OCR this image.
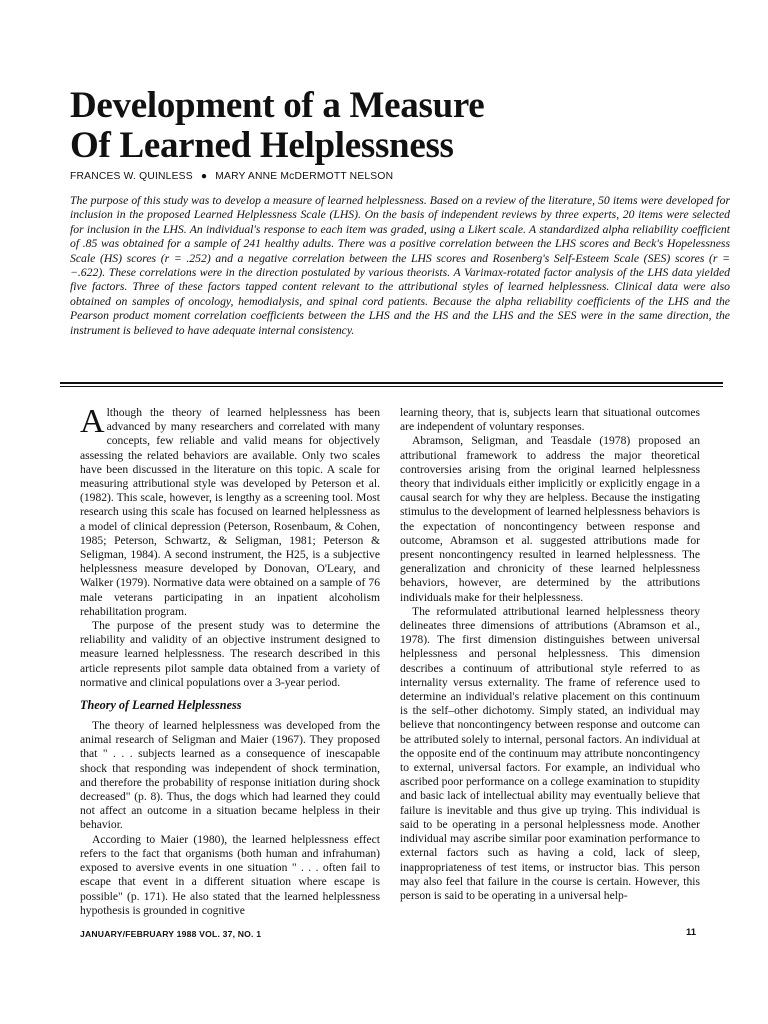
Development of a Measure
Of Learned Helplessness
FRANCES W. QUINLESS ● MARY ANNE McDERMOTT NELSON

The purpose of this study was to develop a measure of learned helplessness. Based on a review of the literature, 50 items were developed for inclusion in the proposed Learned Helplessness Scale (LHS). On the basis of independent reviews by three experts, 20 items were selected for inclusion in the LHS. An individual's response to each item was graded, using a Likert scale. A standardized alpha reliability coefficient of .85 was obtained for a sample of 241 healthy adults. There was a positive correlation between the LHS scores and Beck's Hopelessness Scale (HS) scores (r = .252) and a negative correlation between the LHS scores and Rosenberg's Self-Esteem Scale (SES) scores (r = −.622). These correlations were in the direction postulated by various theorists. A Varimax-rotated factor analysis of the LHS data yielded five factors. Three of these factors tapped content relevant to the attributional styles of learned helplessness. Clinical data were also obtained on samples of oncology, hemodialysis, and spinal cord patients. Because the alpha reliability coefficients of the LHS and the Pearson product moment correlation coefficients between the LHS and the HS and the LHS and the SES were in the same direction, the instrument is believed to have adequate internal consistency.

Although the theory of learned helplessness has been advanced by many researchers and correlated with many concepts, few reliable and valid means for objectively assessing the related behaviors are available. Only two scales have been discussed in the literature on this topic. A scale for measuring attributional style was developed by Peterson et al. (1982). This scale, however, is lengthy as a screening tool. Most research using this scale has focused on learned helplessness as a model of clinical depression (Peterson, Rosenbaum, & Cohen, 1985; Peterson, Schwartz, & Seligman, 1981; Peterson & Seligman, 1984). A second instrument, the H25, is a subjective helplessness measure developed by Donovan, O'Leary, and Walker (1979). Normative data were obtained on a sample of 76 male veterans participating in an inpatient alcoholism rehabilitation program.

The purpose of the present study was to determine the reliability and validity of an objective instrument designed to measure learned helplessness. The research described in this article represents pilot sample data obtained from a variety of normative and clinical populations over a 3-year period.

Theory of Learned Helplessness

The theory of learned helplessness was developed from the animal research of Seligman and Maier (1967). They proposed that " . . . subjects learned as a consequence of inescapable shock that responding was independent of shock termination, and therefore the probability of response initiation during shock decreased" (p. 8). Thus, the dogs which had learned they could not affect an outcome in a situation became helpless in their behavior.

According to Maier (1980), the learned helplessness effect refers to the fact that organisms (both human and infrahuman) exposed to aversive events in one situation " . . . often fail to escape that event in a different situation where escape is possible" (p. 171). He also stated that the learned helplessness hypothesis is grounded in cognitive

learning theory, that is, subjects learn that situational outcomes are independent of voluntary responses.

Abramson, Seligman, and Teasdale (1978) proposed an attributional framework to address the major theoretical controversies arising from the original learned helplessness theory that individuals either implicitly or explicitly engage in a causal search for why they are helpless. Because the instigating stimulus to the development of learned helplessness behaviors is the expectation of noncontingency between response and outcome, Abramson et al. suggested attributions made for present noncontingency resulted in learned helplessness. The generalization and chronicity of these learned helplessness behaviors, however, are determined by the attributions individuals make for their helplessness.

The reformulated attributional learned helplessness theory delineates three dimensions of attributions (Abramson et al., 1978). The first dimension distinguishes between universal helplessness and personal helplessness. This dimension describes a continuum of attributional style referred to as internality versus externality. The frame of reference used to determine an individual's relative placement on this continuum is the self–other dichotomy. Simply stated, an individual may believe that noncontingency between response and outcome can be attributed solely to internal, personal factors. An individual at the opposite end of the continuum may attribute noncontingency to external, universal factors. For example, an individual who ascribed poor performance on a college examination to stupidity and basic lack of intellectual ability may eventually believe that failure is inevitable and thus give up trying. This individual is said to be operating in a personal helplessness mode. Another individual may ascribe similar poor examination performance to external factors such as having a cold, lack of sleep, inappropriateness of test items, or instructor bias. This person may also feel that failure in the course is certain. However, this person is said to be operating in a universal help-

JANUARY/FEBRUARY 1988 VOL. 37, NO. 1	11
